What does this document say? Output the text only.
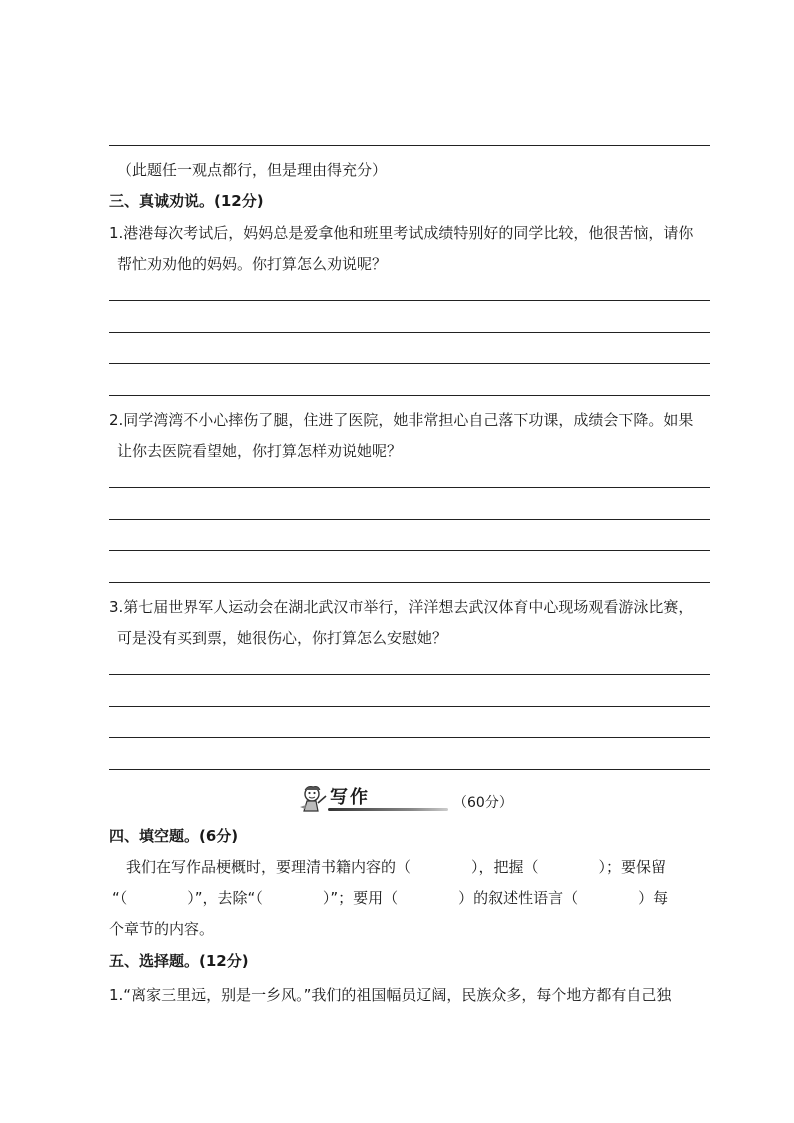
（此题任一观点都行，但是理由得充分）
三、真诚劝说。(12分)
1.港港每次考试后，妈妈总是爱拿他和班里考试成绩特别好的同学比较，他很苦恼，请你
帮忙劝劝他的妈妈。你打算怎么劝说呢？
2.同学湾湾不小心摔伤了腿，住进了医院，她非常担心自己落下功课，成绩会下降。如果
让你去医院看望她，你打算怎样劝说她呢？
3.第七届世界军人运动会在湖北武汉市举行，洋洋想去武汉体育中心现场观看游泳比赛，
可是没有买到票，她很伤心，你打算怎么安慰她？
写作	（60分）
四、填空题。(6分)
我们在写作品梗概时，要理清书籍内容的（　　　　），把握（　　　　）；要保留
“（　　　　）”，去除“（　　　　）”；要用（　　　　）的叙述性语言（　　　　）每
个章节的内容。
五、选择题。(12分)
1.“离家三里远，别是一乡风。”我们的祖国幅员辽阔，民族众多，每个地方都有自己独
